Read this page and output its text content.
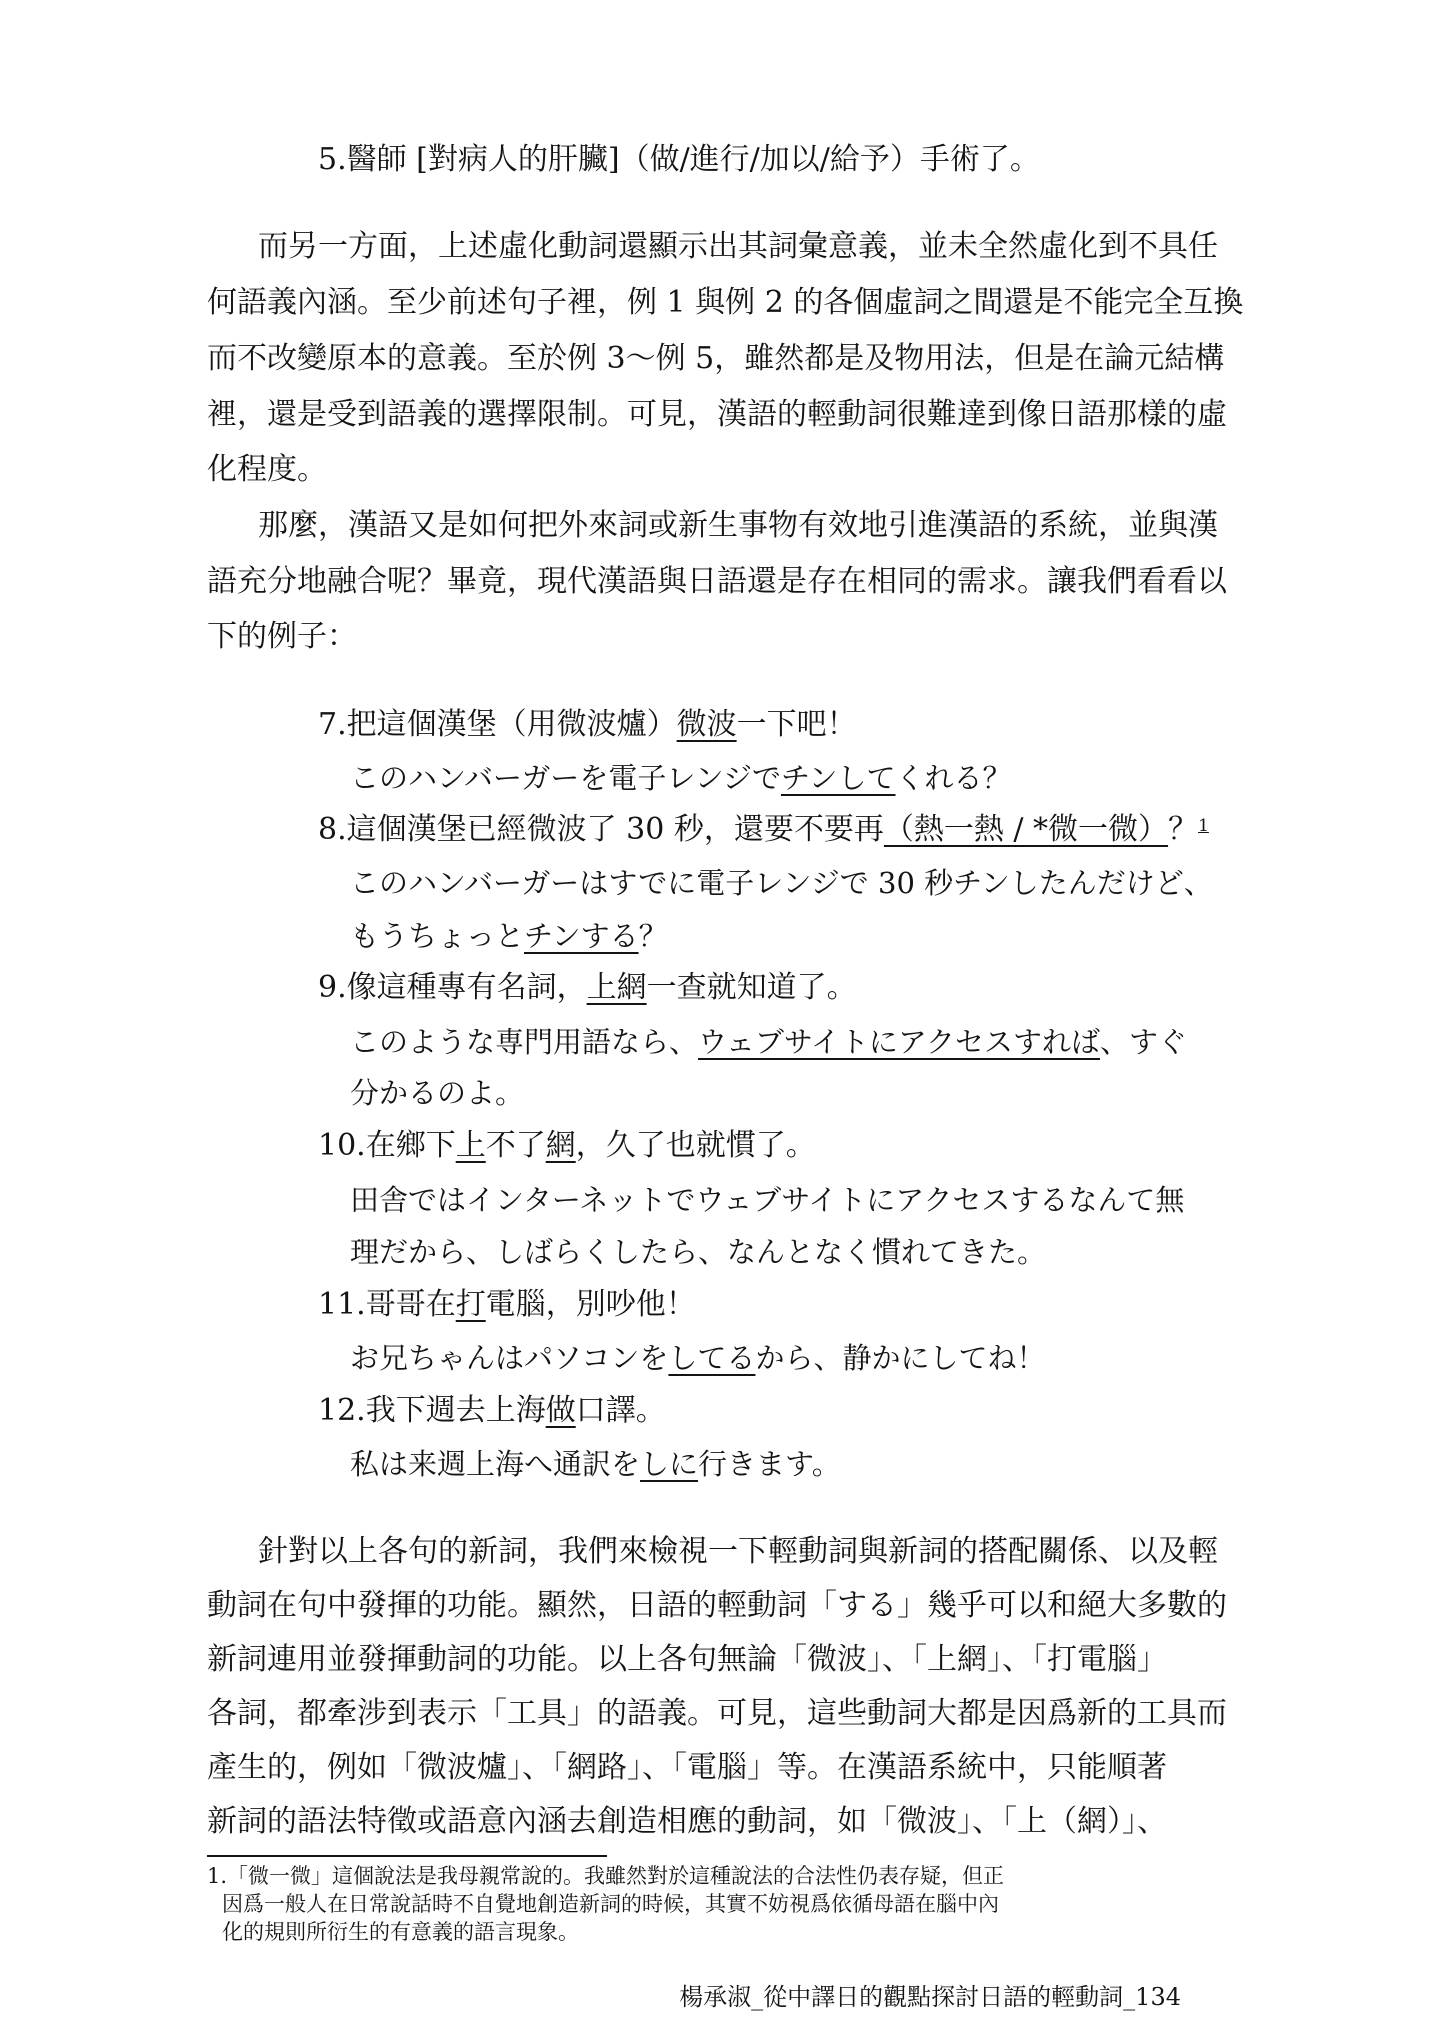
5.醫師 [對病人的肝臟]（做/進行/加以/給予）手術了。
而另一方面，上述虛化動詞還顯示出其詞彙意義，並未全然虛化到不具任
何語義內涵。至少前述句子裡，例 1 與例 2 的各個虛詞之間還是不能完全互換
而不改變原本的意義。至於例 3～例 5，雖然都是及物用法，但是在論元結構
裡，還是受到語義的選擇限制。可見，漢語的輕動詞很難達到像日語那樣的虛
化程度。
那麼，漢語又是如何把外來詞或新生事物有效地引進漢語的系統，並與漢
語充分地融合呢？畢竟，現代漢語與日語還是存在相同的需求。讓我們看看以
下的例子：
7.把這個漢堡（用微波爐）微波一下吧！
このハンバーガーを電子レンジでチンしてくれる？
8.這個漢堡已經微波了 30 秒，還要不要再（熱一熱 / *微一微）？$^1$
このハンバーガーはすでに電子レンジで 30 秒チンしたんだけど、
もうちょっとチンする？
9.像這種專有名詞，上網一查就知道了。
このような専門用語なら、ウェブサイトにアクセスすれば、すぐ
分かるのよ。
10.在鄉下上不了網，久了也就慣了。
田舎ではインターネットでウェブサイトにアクセスするなんて無
理だから、しばらくしたら、なんとなく慣れてきた。
11.哥哥在打電腦，別吵他！
お兄ちゃんはパソコンをしてるから、静かにしてね！
12.我下週去上海做口譯。
私は来週上海へ通訳をしに行きます。
針對以上各句的新詞，我們來檢視一下輕動詞與新詞的搭配關係、以及輕
動詞在句中發揮的功能。顯然，日語的輕動詞「する」幾乎可以和絕大多數的
新詞連用並發揮動詞的功能。以上各句無論「微波」、「上網」、「打電腦」
各詞，都牽涉到表示「工具」的語義。可見，這些動詞大都是因爲新的工具而
產生的，例如「微波爐」、「網路」、「電腦」等。在漢語系統中，只能順著
新詞的語法特徵或語意內涵去創造相應的動詞，如「微波」、「上（網）」、
1.「微一微」這個說法是我母親常說的。我雖然對於這種說法的合法性仍表存疑，但正
因爲一般人在日常說話時不自覺地創造新詞的時候，其實不妨視爲依循母語在腦中內
化的規則所衍生的有意義的語言現象。
楊承淑_從中譯日的觀點探討日語的輕動詞_134
